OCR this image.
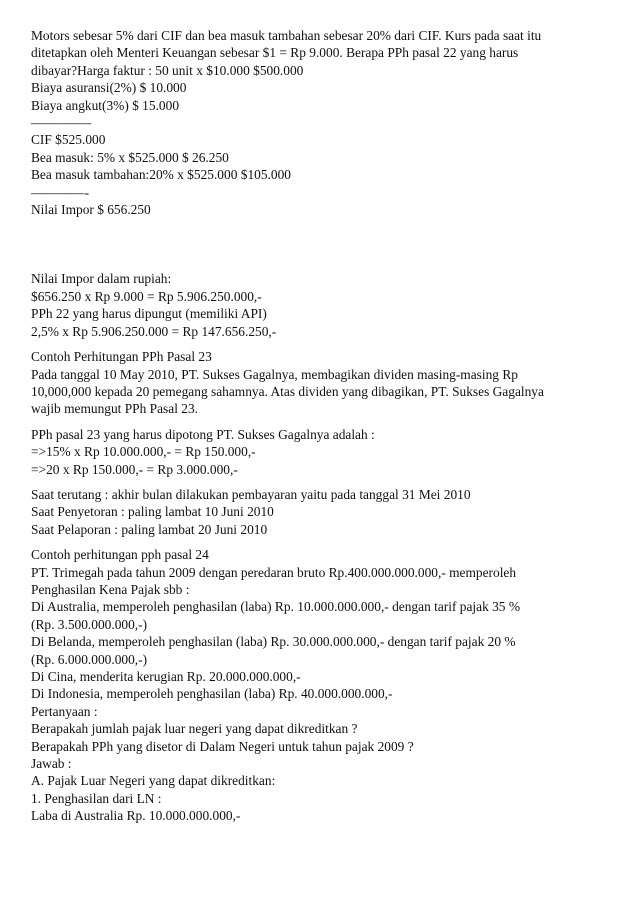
Motors sebesar 5% dari CIF dan bea masuk tambahan sebesar 20% dari CIF. Kurs pada saat itu
ditetapkan oleh Menteri Keuangan sebesar $1 = Rp 9.000. Berapa PPh pasal 22 yang harus
dibayar?Harga faktur : 50 unit x $10.000 $500.000
Biaya asuransi(2%) $ 10.000
Biaya angkut(3%) $ 15.000
————–
CIF $525.000
Bea masuk: 5% x $525.000 $ 26.250
Bea masuk tambahan:20% x $525.000 $105.000
————-
Nilai Impor $ 656.250
Nilai Impor dalam rupiah:
$656.250 x Rp 9.000 = Rp 5.906.250.000,-
PPh 22 yang harus dipungut (memiliki API)
2,5% x Rp 5.906.250.000 = Rp 147.656.250,-
Contoh Perhitungan PPh Pasal 23
Pada tanggal 10 May 2010, PT. Sukses Gagalnya, membagikan dividen masing-masing Rp
10,000,000 kepada 20 pemegang sahamnya. Atas dividen yang dibagikan, PT. Sukses Gagalnya
wajib memungut PPh Pasal 23.
PPh pasal 23 yang harus dipotong PT. Sukses Gagalnya adalah :
=>15% x Rp 10.000.000,- = Rp 150.000,-
=>20 x Rp 150.000,- = Rp 3.000.000,-
Saat terutang : akhir bulan dilakukan pembayaran yaitu pada tanggal 31 Mei 2010
Saat Penyetoran : paling lambat 10 Juni 2010
Saat Pelaporan : paling lambat 20 Juni 2010
Contoh perhitungan pph pasal 24
PT. Trimegah pada tahun 2009 dengan peredaran bruto Rp.400.000.000.000,- memperoleh
Penghasilan Kena Pajak sbb :
Di Australia, memperoleh penghasilan (laba) Rp. 10.000.000.000,- dengan tarif pajak 35 %
(Rp. 3.500.000.000,-)
Di Belanda, memperoleh penghasilan (laba) Rp. 30.000.000.000,- dengan tarif pajak 20 %
(Rp. 6.000.000.000,-)
Di Cina, menderita kerugian Rp. 20.000.000.000,-
Di Indonesia, memperoleh penghasilan (laba) Rp. 40.000.000.000,-
Pertanyaan :
Berapakah jumlah pajak luar negeri yang dapat dikreditkan ?
Berapakah PPh yang disetor di Dalam Negeri untuk tahun pajak 2009 ?
Jawab :
A. Pajak Luar Negeri yang dapat dikreditkan:
1. Penghasilan dari LN :
Laba di Australia Rp. 10.000.000.000,-
